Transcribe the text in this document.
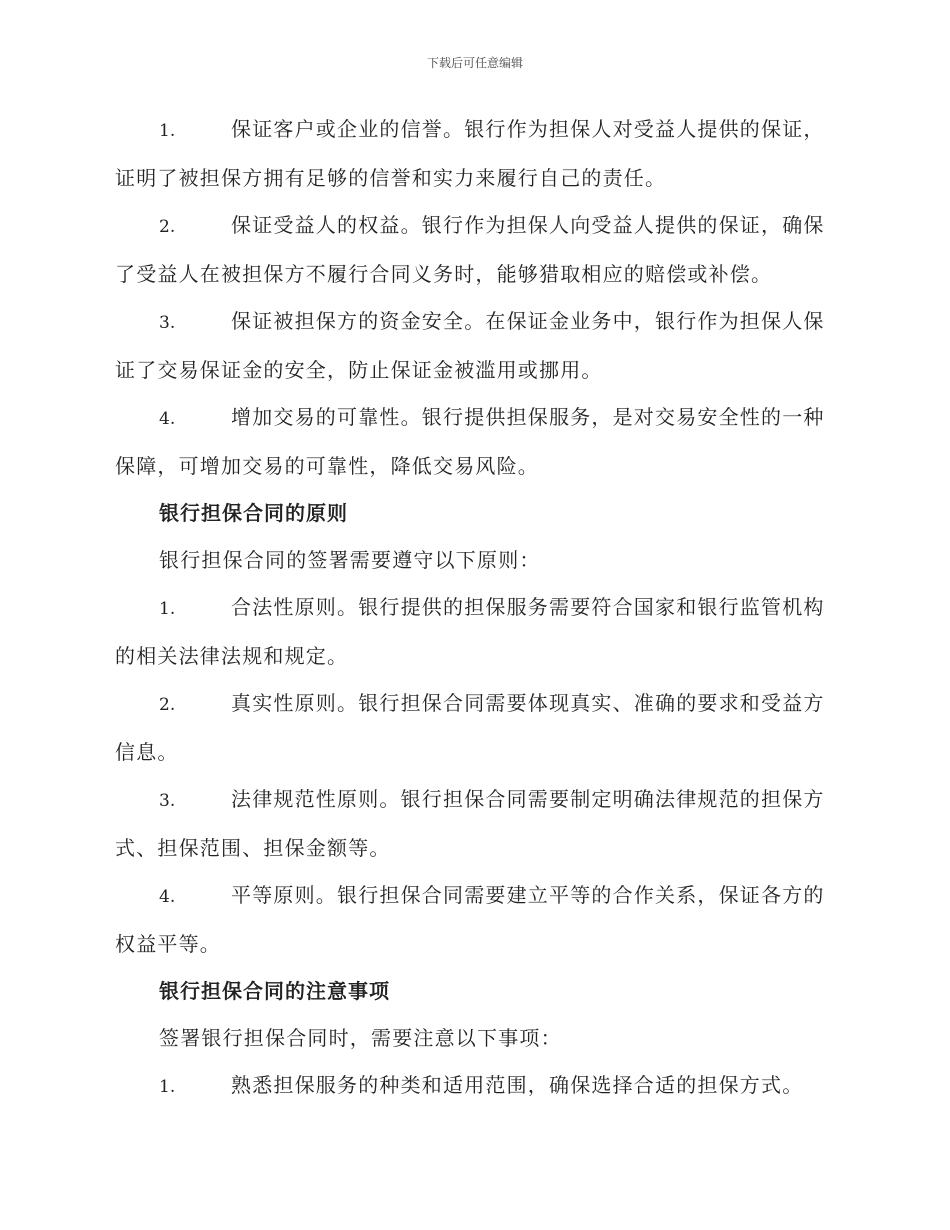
下载后可任意编辑

1.	保证客户或企业的信誉。银行作为担保人对受益人提供的保证，证明了被担保方拥有足够的信誉和实力来履行自己的责任。

2.	保证受益人的权益。银行作为担保人向受益人提供的保证，确保了受益人在被担保方不履行合同义务时，能够猎取相应的赔偿或补偿。

3.	保证被担保方的资金安全。在保证金业务中，银行作为担保人保证了交易保证金的安全，防止保证金被滥用或挪用。

4.	增加交易的可靠性。银行提供担保服务，是对交易安全性的一种保障，可增加交易的可靠性，降低交易风险。

银行担保合同的原则

银行担保合同的签署需要遵守以下原则：

1.	合法性原则。银行提供的担保服务需要符合国家和银行监管机构的相关法律法规和规定。

2.	真实性原则。银行担保合同需要体现真实、准确的要求和受益方信息。

3.	法律规范性原则。银行担保合同需要制定明确法律规范的担保方式、担保范围、担保金额等。

4.	平等原则。银行担保合同需要建立平等的合作关系，保证各方的权益平等。

银行担保合同的注意事项

签署银行担保合同时，需要注意以下事项：

1.	熟悉担保服务的种类和适用范围，确保选择合适的担保方式。
